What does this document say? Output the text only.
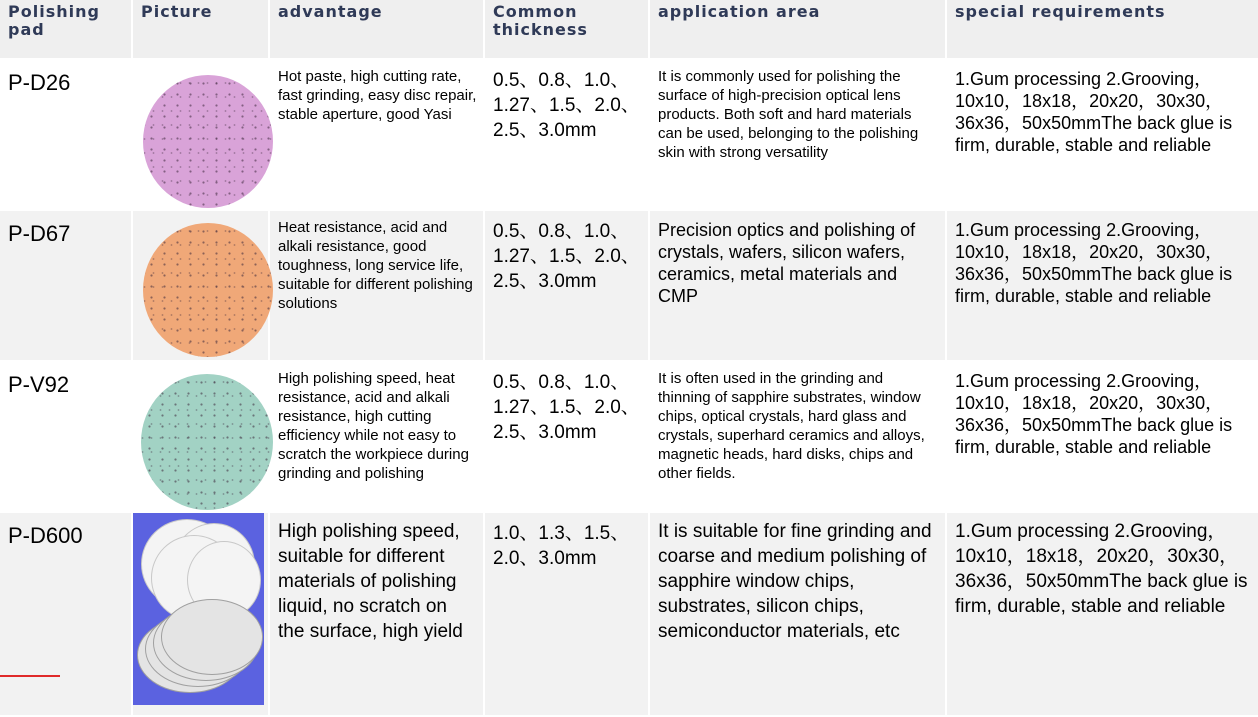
Polishing pad	Picture	advantage	Common thickness	application area	special requirements
P-D26		Hot paste, high cutting rate, fast grinding, easy disc repair, stable aperture, good Yasi	0.5、0.8、1.0、1.27、1.5、2.0、2.5、3.0mm	It is commonly used for polishing the surface of high-precision optical lens products. Both soft and hard materials can be used, belonging to the polishing skin with strong versatility	1.Gum processing 2.Grooving，10x10，18x18，20x20，30x30，36x36，50x50mmThe back glue is firm, durable, stable and reliable
P-D67		Heat resistance, acid and alkali resistance, good toughness, long service life, suitable for different polishing solutions	0.5、0.8、1.0、1.27、1.5、2.0、2.5、3.0mm	Precision optics and polishing of crystals, wafers, silicon wafers, ceramics, metal materials and CMP	1.Gum processing 2.Grooving，10x10，18x18，20x20，30x30，36x36，50x50mmThe back glue is firm, durable, stable and reliable
P-V92		High polishing speed, heat resistance, acid and alkali resistance, high cutting efficiency while not easy to scratch the workpiece during grinding and polishing	0.5、0.8、1.0、1.27、1.5、2.0、2.5、3.0mm	It is often used in the grinding and thinning of sapphire substrates, window chips, optical crystals, hard glass and crystals, superhard ceramics and alloys, magnetic heads, hard disks, chips and other fields.	1.Gum processing 2.Grooving，10x10，18x18，20x20，30x30，36x36，50x50mmThe back glue is firm, durable, stable and reliable
P-D600		High polishing speed, suitable for different materials of polishing liquid, no scratch on the surface, high yield	1.0、1.3、1.5、2.0、3.0mm	It is suitable for fine grinding and coarse and medium polishing of sapphire window chips, substrates, silicon chips, semiconductor materials, etc	1.Gum processing 2.Grooving，10x10，18x18，20x20，30x30，36x36，50x50mmThe back glue is firm, durable, stable and reliable
